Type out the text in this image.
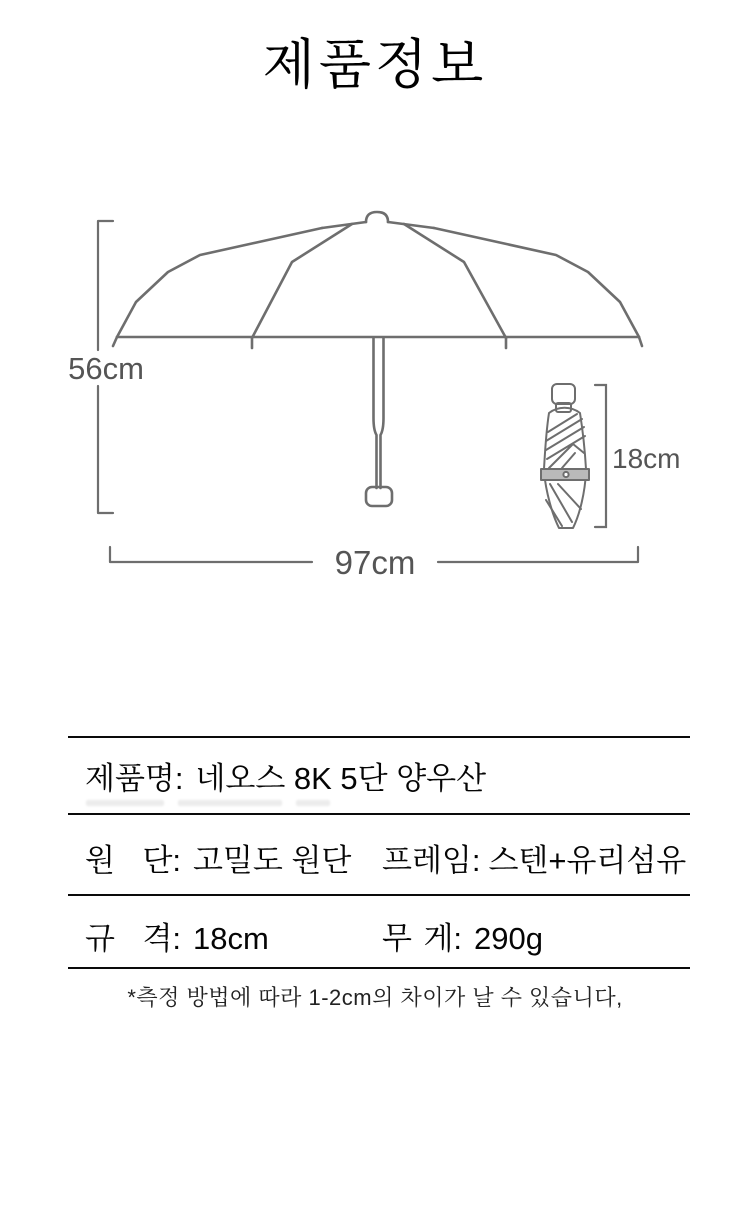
제품정보
56cm
97cm
18cm
제품명: 네오스 8K 5단 양우산
원 단: 고밀도 원단 프레임: 스텐+유리섬유
규 격: 18cm	무 게: 290g
*측정 방법에 따라 1-2cm의 차이가 날 수 있습니다,
